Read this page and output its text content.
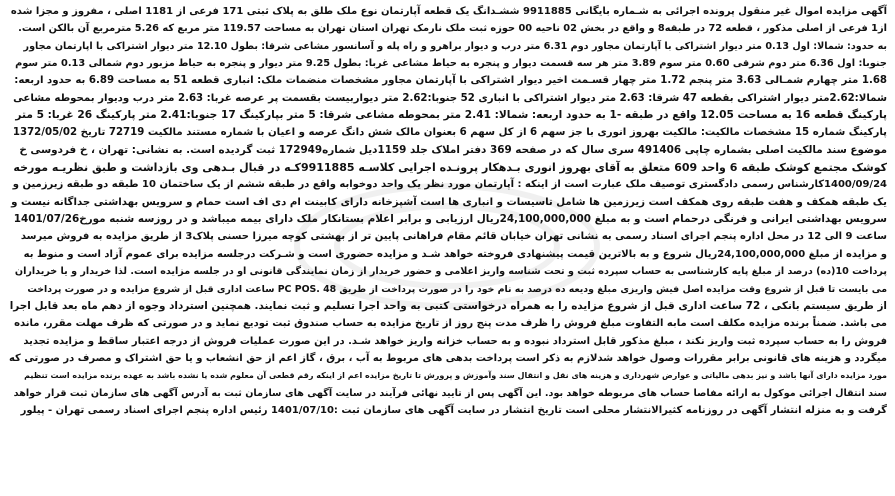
آگهی مزایده اموال غیر منقول پرونده اجرائی به شـماره بایگانی 9911885 ششـدانگ یک قطعه آپارتمان نوع ملک طلق به پلاک ثبتی 171 فرعی از 1181 اصلی ، مفروز و مجزا شده
از1 فرعی از اصلی مذکور ، قطعه 72 در طبقه8 و واقع در بخش 02 ناحیه 00 حوزه ثبت ملک نارمک تهران استان تهران به مساحت 119.57 متر مربع که 5.26 مترمربع آن بالکن است.
به حدود: شمالا: اول 0.13 متر دیوار اشتراکی با آپارتمان مجاور دوم 6.31 متر درب و دیوار براهرو و راه پله و آسانسور مشاعی شرقا: بطول 12.10 متر دیوار اشتراکی با اپارتمان مجاور
جنوبا: اول 6.36 متر دوم شرقی 0.60 متر سوم 3.89 متر هر سه قسمت دیوار و پنجره به حیاط مشاعی غربا: بطول 9.25 متر دیوار و پنجره به حیاط مزبور دوم شمالی 0.13 متر سوم
1.68 متر چهارم شمـالی 3.63 متر پنجم 1.72 متر چهار قسـمت اخیر دیوار اشتراکی با آپارتمان مجاور مشخصات منضمات ملک: انباری قطعه 51 به مساحت 6.89 به حدود اربعه:
شمالا:2.62متر دیوار اشتراکی بقطعه 47 شرقا: 2.63 متر دیوار اشتراکی با انباری 52 جنوبا:2.62 متر دیواربیست بقسمت پر عرصه غربا: 2.63 متر درب ودیوار بمحوطه مشاعی
پارکینگ قطعه 16 به مساحت 12.05 واقع در طبقه -1 به حدود اربعه: شمالا: 2.41 متر بمحوطه مشاعی شرقا: 5 متر بپارکینگ 17 جنوبا:2.41 متر پارکینگ 26 غربا: 5 متر
پارکینگ شماره 15 مشخصات مالکیت: مالکیت بهروز انوری با جز سهم 6 از کل سهم 6 بعنوان مالک شش دانگ عرصه و اعیان با شماره مستند مالکیت 72719 تاریخ 1372/05/02
موضوع سند مالکیت اصلی بشماره چاپی 491406 سری سال که در صفحه 369 دفتر املاک جلد 1159دیل شماره172949 ثبت گردیده است. به نشانی: تهران ، خ فردوسی خ
کوشک مجتمع کوشک طبقه 6 واحد 609 متعلق به آقای بهروز انوری بـدهکار پرونـده اجرایی کلاسـه 9911885کـه در قبال بـدهی وی بازداشت و طبق نظریـه مورخه
1400/09/24کارشناس رسمی دادگستری توصیف ملک عبارت است از اینکه : آپارتمان مورد نظر یک واحد دوخوابه واقع در طبقه ششم از یک ساختمان 10 طبقه دو طبقه زیرزمین و
یک طبقه همکف و هفت طبقه روی همکف است زیرزمین ها شامل تاسیسات و انباری ها است آشپزخانه دارای کابینت ام دی اف است حمام و سرویس بهداشتی جداگانه نیست و
سرویس بهداشتی ایرانی و فرنگی درحمام است و به مبلغ 24,100,000,000ریال ارزیابی و برابر اعلام بستانکار ملک دارای بیمه میباشد و در روزسه شنبه مورخ1401/07/26
ساعت 9 الی 12 در محل اداره پنجم اجرای اسناد رسمی به نشانی تهران خیابان قائم مقام فراهانی پایین تر از بهشتی کوچه میرزا حسنی پلاک3 از طریق مزایده به فروش میرسد
و مزایده از مبلغ 24,100,000,000ریال شروع و به بالاترین قیمت پیشنهادی فروخته خواهد شـد و مزایده حضوری است و شـرکت درجلسه مزایده برای عموم آزاد است و منوط به
پرداخت 10(ده) درصد از مبلغ پایه کارشناسی به حساب سپرده ثبت و تحت شناسه واریز اعلامی و حضور خریدار از زمان نمایندگی قانونی او در جلسه مزایده است. لذا خریدار و یا خریداران
می بایست تا قبل از شروع وقت مزایده اصل فیش واریزی مبلغ ودیعه ده درصد به نام خود را در صورت پرداخت از طریق PC POS. 48 ساعت اداری قبل از شروع مزایده و در صورت پرداخت
از طریق سیستم بانکی ، 72 ساعت اداری قبل از شروع مزایده را به همراه درخواستی کتبی به واحد اجرا تسلیم و ثبت نمایند. همچنین استرداد وجوه از دهم ماه بعد قابل اجرا
می باشد. ضمناً برنده مزایده مکلف است مابه التفاوت مبلغ فروش را ظرف مدت پنج روز از تاریخ مزایده به حساب صندوق ثبت تودیع نماید و در صورتی که ظرف مهلت مقرر، مانده
فروش را به حساب سپرده ثبت واریز نکند ، مبلغ مذکور قابل استرداد نبوده و به حساب خزانه واریز خواهد شـد. در این صورت عملیات فروش از درجه اعتبار ساقط و مزایده تجدید
میگردد و هزینه های قانونی برابر مقررات وصول خواهد شدلازم به ذکر است پرداخت بدهی های مربوط به آب ، برق ، گاز اعم از حق انشعاب و یا حق اشتراک و مصرف در صورتی که
مورد مزایده دارای آنها باشد و نیز بدهی مالیاتی و عوارض شهرداری و هزینه های نقل و انتقال سند وآموزش و پرورش تا تاریخ مزایده اعم از اینکه رقم قطعی آن معلوم شده یا نشده باشد به عهده برنده مزایده است تنظیم
سند انتقال اجرائی موکول به ارائه مفاصا حساب های مربوطه خواهد بود. این آگهی پس از تایید نهائی فرآیند در سایت آگهی های سازمان ثبت به آدرس آگهی های سازمان ثبت قرار خواهد
گرفت و به منزله انتشار آگهی در روزنامه کثیرالانتشار محلی است تاریخ انتشار در سایت آگهی های سازمان ثبت :1401/07/10 رئیس اداره پنجم اجرای اسناد رسمی تهران - پیلور
